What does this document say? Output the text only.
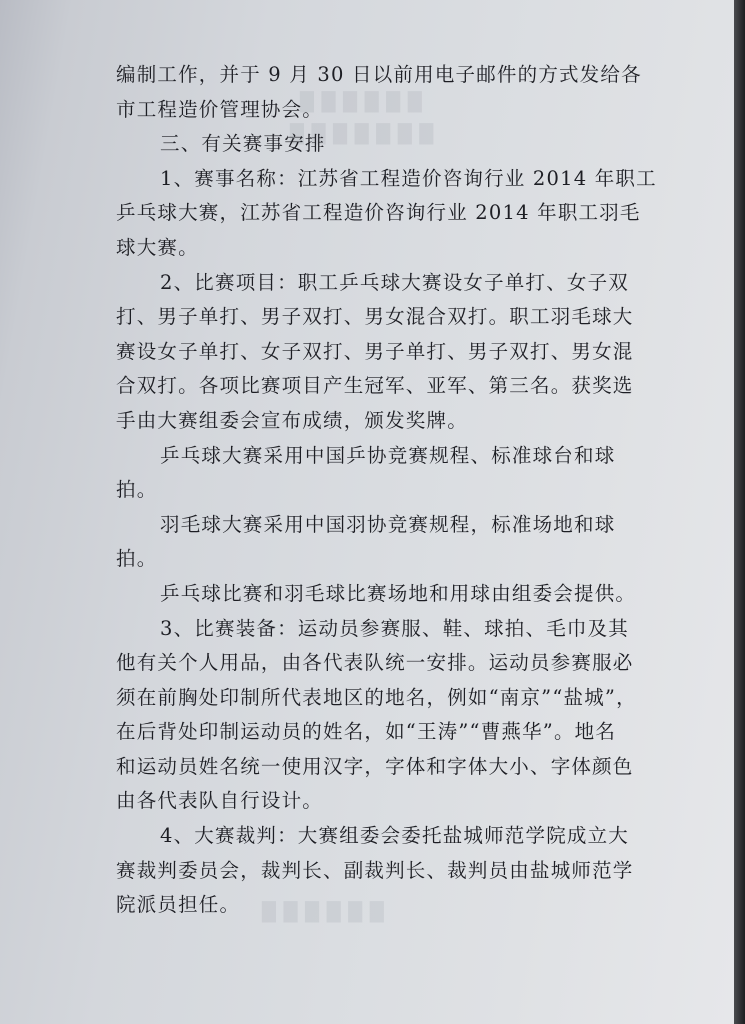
█ █ █ █ █ █
█ █ █ █ █ █ █
█ █ █ █ █ █
编制工作，并于 9 月 30 日以前用电子邮件的方式发给各
市工程造价管理协会。
三、有关赛事安排
1、赛事名称：江苏省工程造价咨询行业 2014 年职工
乒乓球大赛，江苏省工程造价咨询行业 2014 年职工羽毛
球大赛。
2、比赛项目：职工乒乓球大赛设女子单打、女子双
打、男子单打、男子双打、男女混合双打。职工羽毛球大
赛设女子单打、女子双打、男子单打、男子双打、男女混
合双打。各项比赛项目产生冠军、亚军、第三名。获奖选
手由大赛组委会宣布成绩，颁发奖牌。
乒乓球大赛采用中国乒协竞赛规程、标准球台和球
拍。
羽毛球大赛采用中国羽协竞赛规程，标准场地和球
拍。
乒乓球比赛和羽毛球比赛场地和用球由组委会提供。
3、比赛装备：运动员参赛服、鞋、球拍、毛巾及其
他有关个人用品，由各代表队统一安排。运动员参赛服必
须在前胸处印制所代表地区的地名，例如“南京”“盐城”，
在后背处印制运动员的姓名，如“王涛”“曹燕华”。地名
和运动员姓名统一使用汉字，字体和字体大小、字体颜色
由各代表队自行设计。
4、大赛裁判：大赛组委会委托盐城师范学院成立大
赛裁判委员会，裁判长、副裁判长、裁判员由盐城师范学
院派员担任。
